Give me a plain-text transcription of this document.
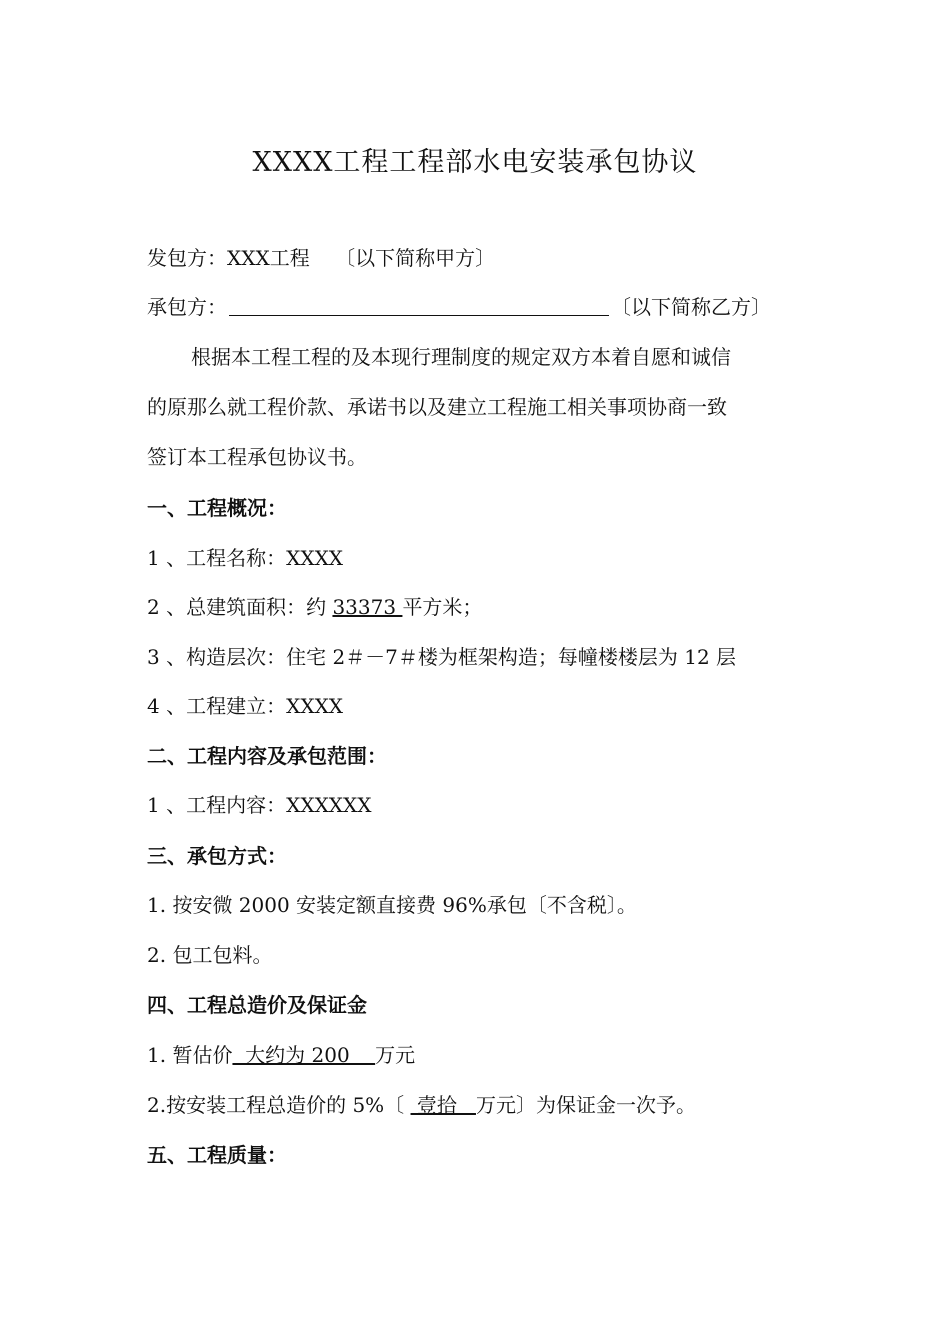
XXXX工程工程部水电安装承包协议
发包方：XXX工程 〔以下简称甲方〕
承包方：	〔以下简称乙方〕
根据本工程工程的及本现行理制度的规定双方本着自愿和诚信
的原那么就工程价款、承诺书以及建立工程施工相关事项协商一致
签订本工程承包协议书。
一、工程概况：
1 、工程名称：XXXX
2 、总建筑面积：约 33373 平方米；
3 、构造层次：住宅 2＃－7＃楼为框架构造；每幢楼楼层为 12 层
4 、工程建立：XXXX
二、工程内容及承包范围：
1 、工程内容：XXXXXX
三、承包方式：
1. 按安微 2000 安装定额直接费 96%承包〔不含税〕。
2. 包工包料。
四、工程总造价及保证金
1. 暂估价  大约为 200    万元
2.按安装工程总造价的 5%〔  壹拾   万元〕为保证金一次予。
五、工程质量：
